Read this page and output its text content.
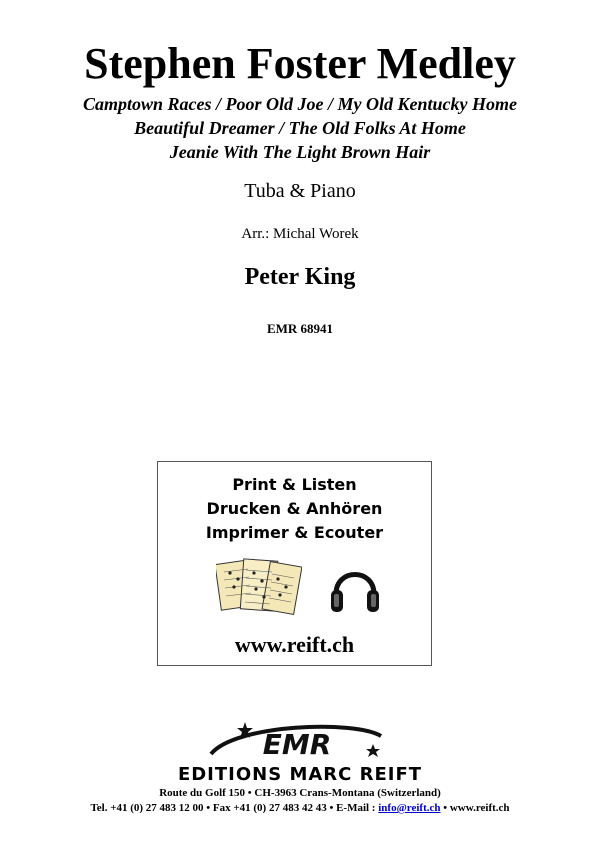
Stephen Foster Medley
Camptown Races / Poor Old Joe / My Old Kentucky Home
Beautiful Dreamer / The Old Folks At Home
Jeanie With The Light Brown Hair
Tuba & Piano
Arr.: Michal Worek
Peter King
EMR 68941
Print & Listen
Drucken & Anhören
Imprimer & Ecouter
www.reift.ch
EMR
EDITIONS MARC REIFT
Route du Golf 150 • CH-3963 Crans-Montana (Switzerland)
Tel. +41 (0) 27 483 12 00 • Fax +41 (0) 27 483 42 43 • E-Mail : info@reift.ch • www.reift.ch
